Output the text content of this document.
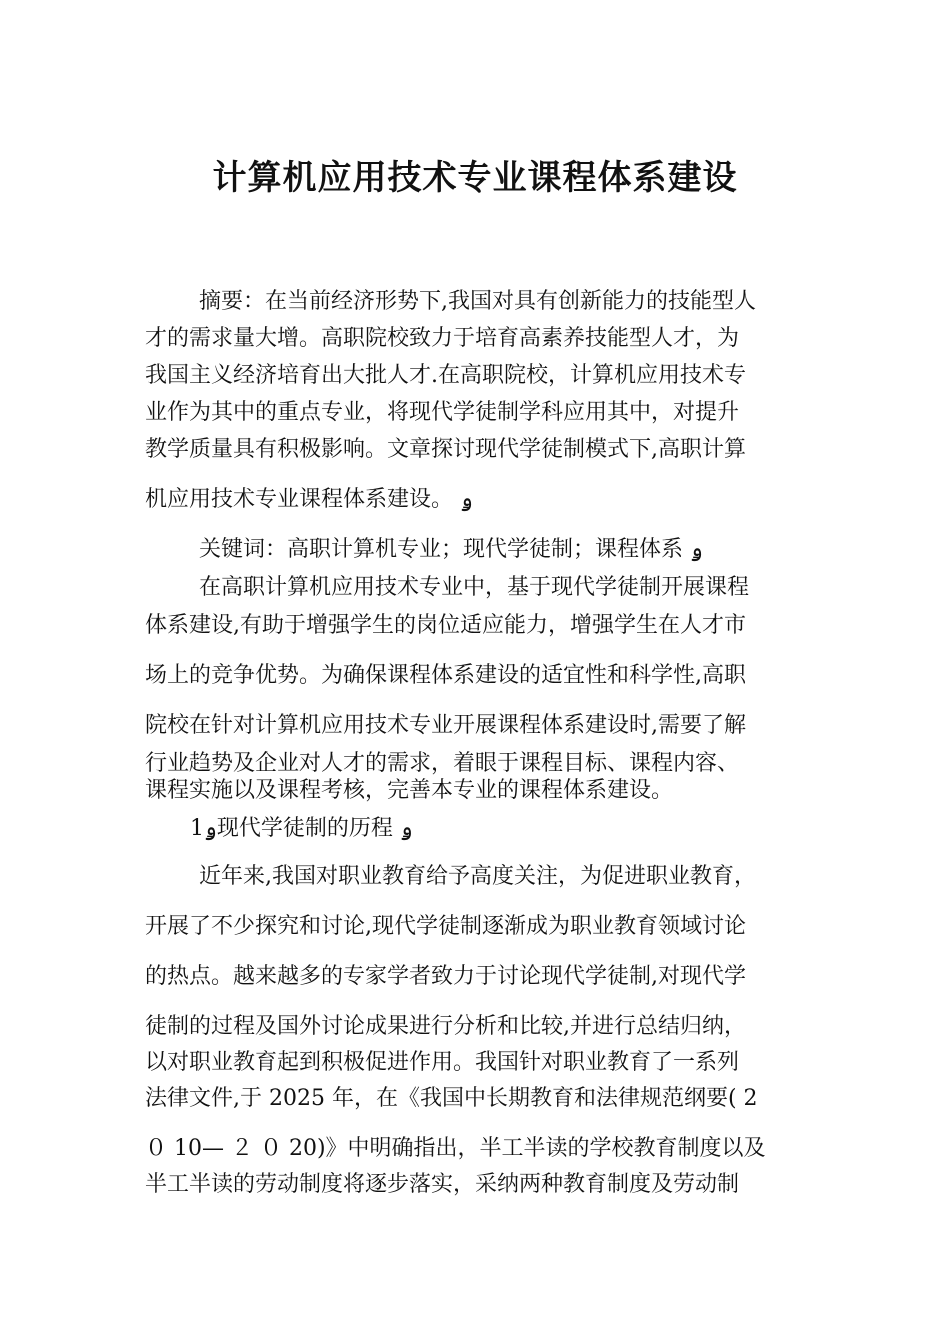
计算机应用技术专业课程体系建设
摘要：在当前经济形势下,我国对具有创新能力的技能型人
才的需求量大增。高职院校致力于培育高素养技能型人才，为
我国主义经济培育出大批人才.在高职院校，计算机应用技术专
业作为其中的重点专业，将现代学徒制学科应用其中，对提升
教学质量具有积极影响。文章探讨现代学徒制模式下,高职计算
机应用技术专业课程体系建设。 ۅ
关键词：高职计算机专业；现代学徒制；课程体系 ۅ
在高职计算机应用技术专业中，基于现代学徒制开展课程
体系建设,有助于增强学生的岗位适应能力，增强学生在人才市
场上的竞争优势。为确保课程体系建设的适宜性和科学性,高职
院校在针对计算机应用技术专业开展课程体系建设时,需要了解
行业趋势及企业对人才的需求，着眼于课程目标、课程内容、
课程实施以及课程考核，完善本专业的课程体系建设。
1ۅ现代学徒制的历程 ۅ
近年来,我国对职业教育给予高度关注，为促进职业教育，
开展了不少探究和讨论,现代学徒制逐渐成为职业教育领域讨论
的热点。越来越多的专家学者致力于讨论现代学徒制,对现代学
徒制的过程及国外讨论成果进行分析和比较,并进行总结归纳，
以对职业教育起到积极促进作用。我国针对职业教育了一系列
法律文件,于 2025 年，在《我国中长期教育和法律规范纲要( 2
０ 10— ２ ０ 20)》中明确指出，半工半读的学校教育制度以及
半工半读的劳动制度将逐步落实，采纳两种教育制度及劳动制
